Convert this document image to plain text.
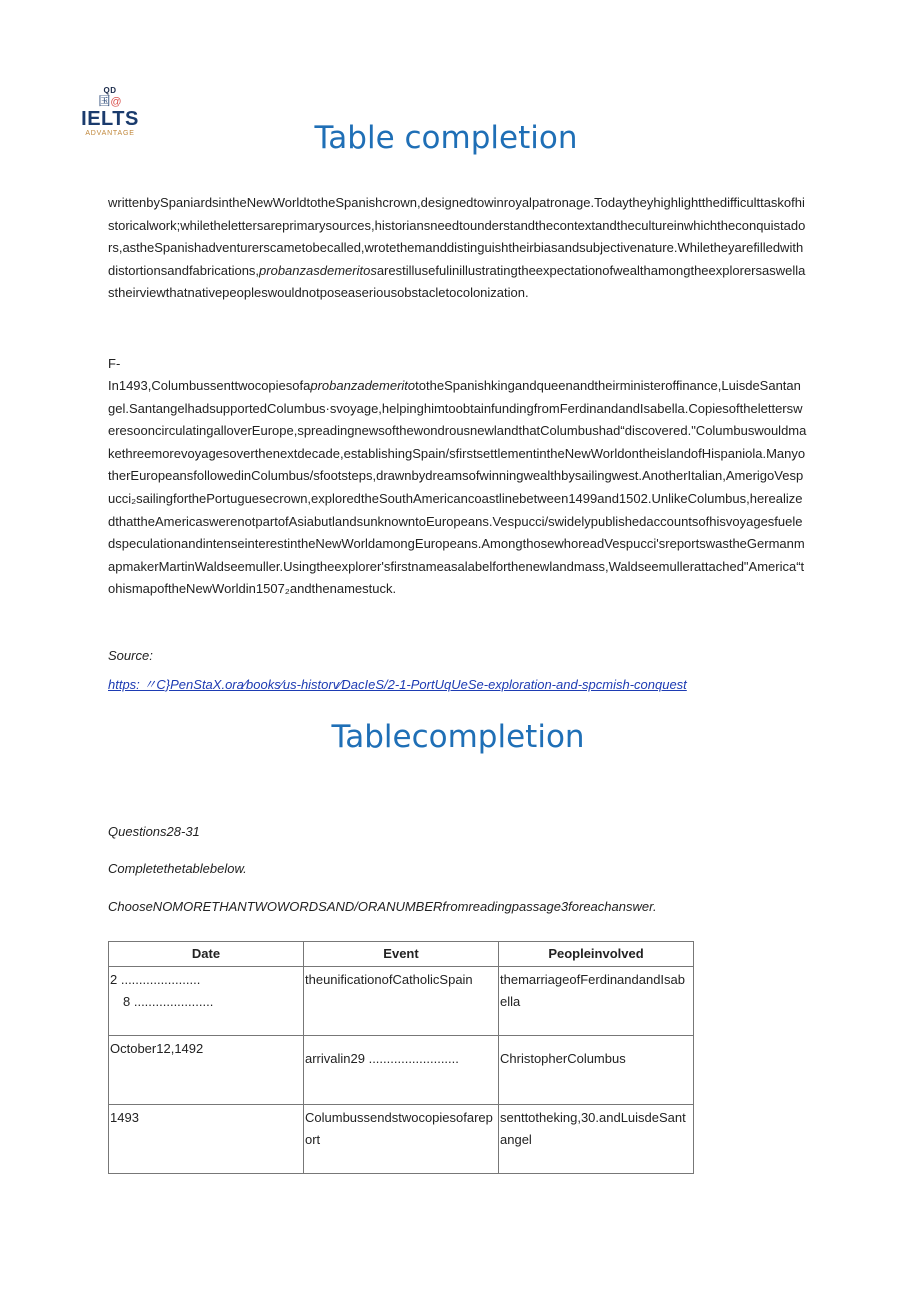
QD
国@
IELTS
ADVANTAGE	Table completion

writtenbySpaniardsintheNewWorldtotheSpanishcrown,designedtowinroyalpatronage.Todaytheyhighlightthedifficulttaskofhistoricalwork;whilethelettersareprimarysources,historiansneedtounderstandthecontextandthecultureinwhichtheconquistadors,astheSpanishadventurerscametobecalled,wrotethemanddistinguishtheirbiasandsubjectivenature.Whiletheyarefilledwithdistortionsandfabrications,probanzasdemeritosarestillusefulinillustratingtheexpectationofwealthamongtheexplorersaswellastheirviewthatnativepeopleswouldnotposeaseriousobstacletocolonization.

F-

In1493,ColumbussenttwocopiesofaprobanzademeritototheSpanishkingandqueenandtheirministeroffinance,LuisdeSantangel.SantangelhadsupportedColumbus·svoyage,helpinghimtoobtainfundingfromFerdinandandIsabella.CopiesofthelettersweresooncirculatingalloverEurope,spreadingnewsofthewondrousnewlandthatColumbushad“discovered."Columbuswouldmakethreemorevoyagesoverthenextdecade,establishingSpain/sfirstsettlementintheNewWorldontheislandofHispaniola.ManyotherEuropeansfollowedinColumbus/sfootsteps,drawnbydreamsofwinningwealthbysailingwest.AnotherItalian,AmerigoVespucci₂sailingforthePortuguesecrown,exploredtheSouthAmericancoastlinebetween1499and1502.UnlikeColumbus,herealizedthattheAmericaswerenotpartofAsiabutlandsunknowntoEuropeans.Vespucci/swidelypublishedaccountsofhisvoyagesfueledspeculationandintenseinterestintheNewWorldamongEuropeans.AmongthosewhoreadVespucci'sreportswastheGermanmapmakerMartinWaldseemuller.Usingtheexplorer'sfirstnameasalabelforthenewlandmass,Waldseemullerattached"America“tohismapoftheNewWorldin1507₂andthenamestuck.

Source:

https: 〃C}PenStaX.ora⁄books⁄us-historv⁄DacIeS/2-1-PortUqUeSe-exploration-and-spcmish-conquest
Tablecompletion

Questions28-31

Completethetablebelow.

ChooseNOMORETHANTWOWORDSAND/ORANUMBERfromreadingpassage3foreachanswer.

Date	Event	Peopleinvolved
2 ......................
8 ......................	theunificationofCatholicSpain	themarriageofFerdinandandIsabella
October12,1492	arrivalin29 .........................	ChristopherColumbus

1493	Columbussendstwocopiesofareport	senttotheking,30.andLuisdeSantangel
